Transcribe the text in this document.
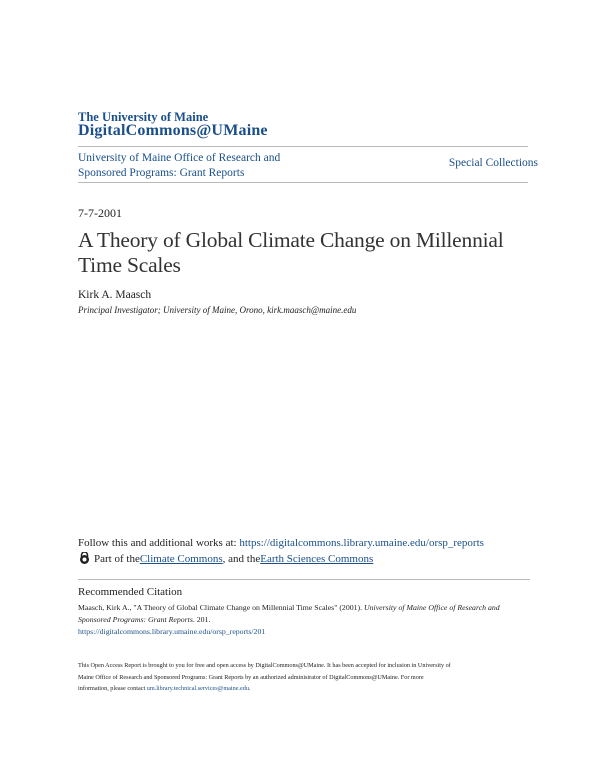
The University of Maine
DigitalCommons@UMaine
University of Maine Office of Research and
Sponsored Programs: Grant Reports
Special Collections
7-7-2001
A Theory of Global Climate Change on Millennial
Time Scales
Kirk A. Maasch
Principal Investigator; University of Maine, Orono, kirk.maasch@maine.edu
Follow this and additional works at: https://digitalcommons.library.umaine.edu/orsp_reports
Part of the Climate Commons , and the Earth Sciences Commons
Recommended Citation
Maasch, Kirk A., "A Theory of Global Climate Change on Millennial Time Scales" (2001). University of Maine Office of Research and
Sponsored Programs: Grant Reports. 201.
https://digitalcommons.library.umaine.edu/orsp_reports/201
This Open Access Report is brought to you for free and open access by DigitalCommons@UMaine. It has been accepted for inclusion in University of
Maine Office of Research and Sponsored Programs: Grant Reports by an authorized administrator of DigitalCommons@UMaine. For more
information, please contact um.library.technical.services@maine.edu.
